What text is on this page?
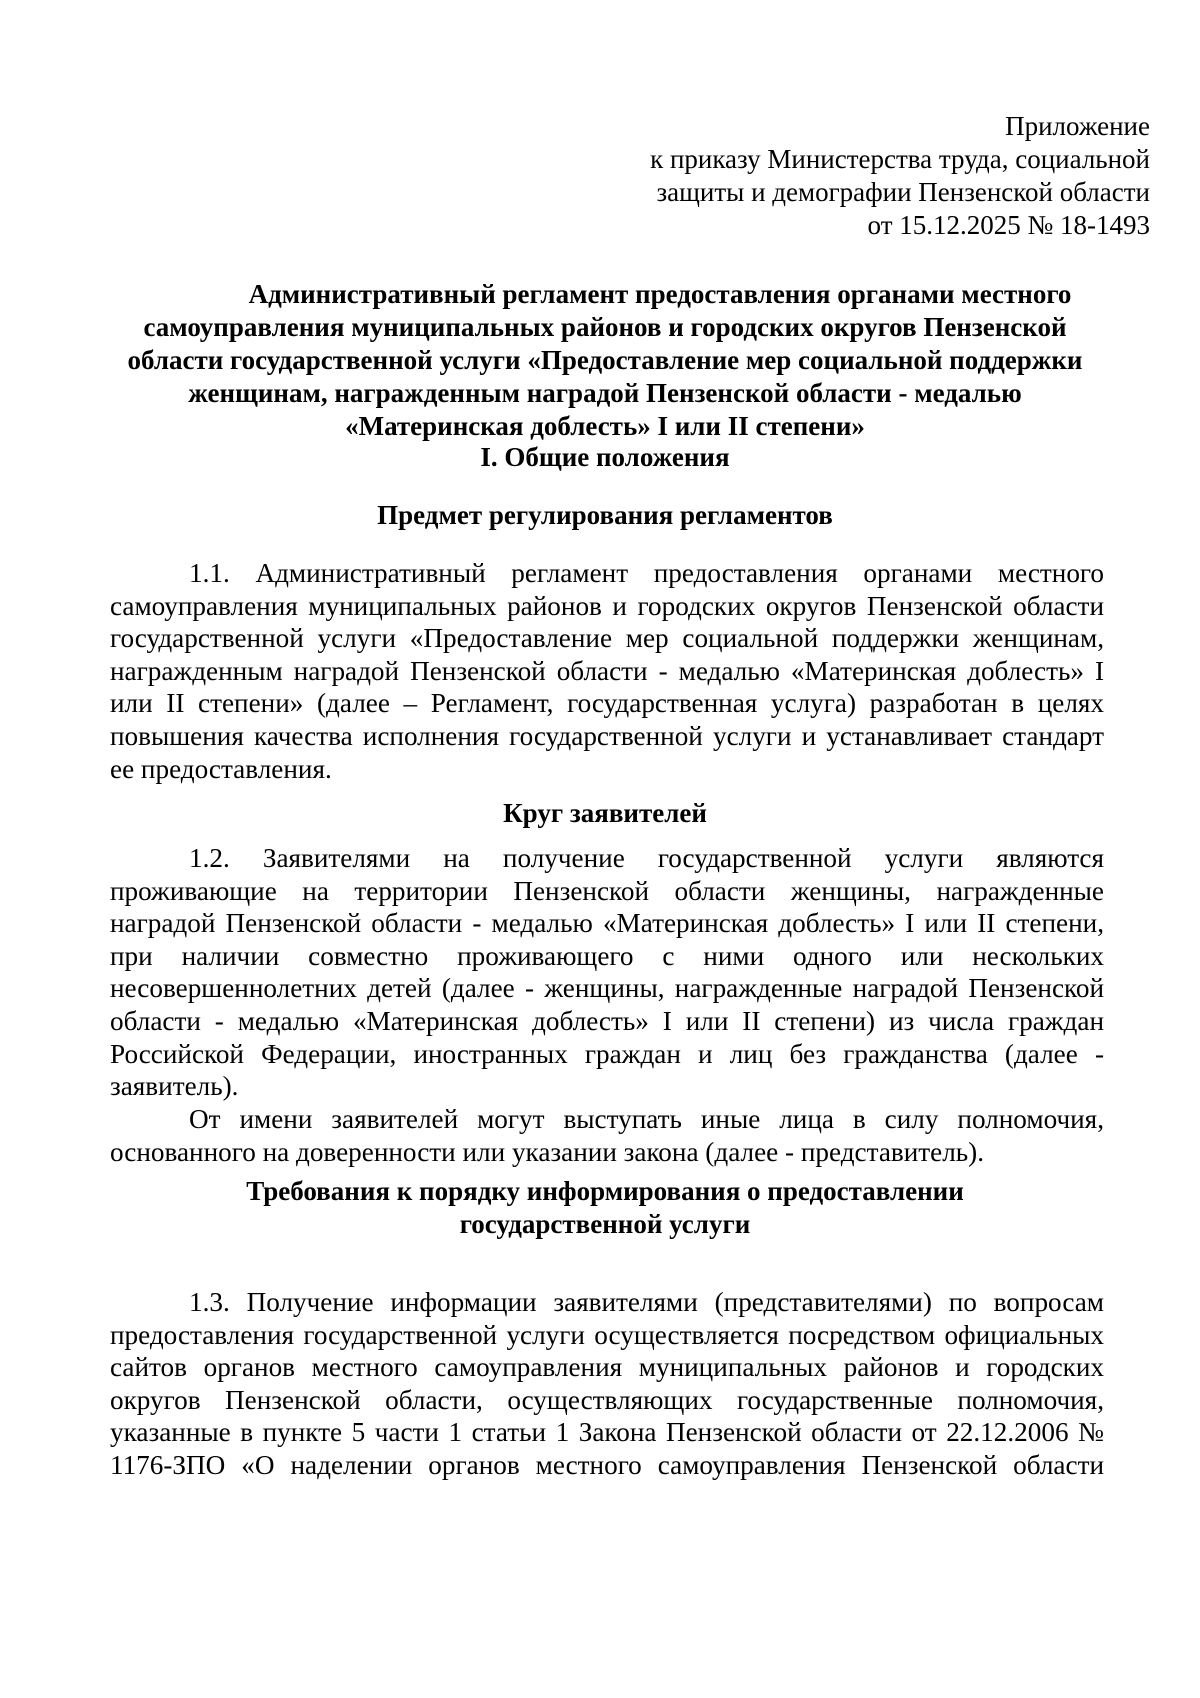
Приложение
к приказу Министерства труда, социальной
защиты и демографии Пензенской области
от 15.12.2025 № 18-1493
Административный регламент предоставления органами местного
самоуправления муниципальных районов и городских округов Пензенской
области государственной услуги «Предоставление мер социальной поддержки
женщинам, награжденным наградой Пензенской области - медалью
«Материнская доблесть» I или II степени»
I. Общие положения
Предмет регулирования регламентов

1.1. Административный регламент предоставления органами местного
самоуправления муниципальных районов и городских округов Пензенской области
государственной услуги «Предоставление мер социальной поддержки женщинам,
награжденным наградой Пензенской области - медалью «Материнская доблесть» I
или II степени» (далее – Регламент, государственная услуга) разработан в целях
повышения качества исполнения государственной услуги и устанавливает стандарт
ее предоставления.

Круг заявителей

1.2. Заявителями на получение государственной услуги являются
проживающие на территории Пензенской области женщины, награжденные
наградой Пензенской области - медалью «Материнская доблесть» I или II степени,
при наличии совместно проживающего с ними одного или нескольких
несовершеннолетних детей (далее - женщины, награжденные наградой Пензенской
области - медалью «Материнская доблесть» I или II степени) из числа граждан
Российской Федерации, иностранных граждан и лиц без гражданства (далее -
заявитель).

От имени заявителей могут выступать иные лица в силу полномочия,
основанного на доверенности или указании закона (далее - представитель).

Требования к порядку информирования о предоставлении
государственной услуги

1.3. Получение информации заявителями (представителями) по вопросам
предоставления государственной услуги осуществляется посредством официальных
сайтов органов местного самоуправления муниципальных районов и городских
округов Пензенской области, осуществляющих государственные полномочия,
указанные в пункте 5 части 1 статьи 1 Закона Пензенской области от 22.12.2006 №
1176-ЗПО «О наделении органов местного самоуправления Пензенской области
